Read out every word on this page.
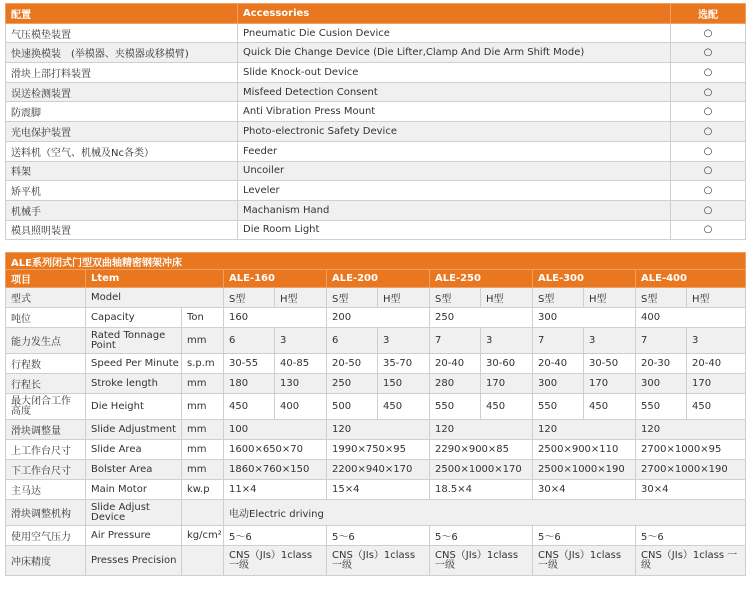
配置	Accessories	选配
气压模垫装置	Pneumatic Die Cusion Device	○
快速换模装　(举模器、夹模器或移模臂)	Quick Die Change Device (Die Lifter,Clamp And Die Arm Shift Mode)	○
滑块上部打料装置	Slide Knock-out Device	○
误送检测装置	Misfeed Detection Consent	○
防震脚	Anti Vibration Press Mount	○
光电保护装置	Photo-electronic Safety Device	○
送料机（空气、机械及Nc各类）	Feeder	○
料架	Uncoiler	○
矫平机	Leveler	○
机械手	Machanism Hand	○
模具照明装置	Die Room Light	○
ALE系列闭式门型双曲轴精密钢架冲床												
项目	Ltem		ALE-160		ALE-200		ALE-250		ALE-300		ALE-400	
型式	Model		S型	H型	S型	H型	S型	H型	S型	H型	S型	H型
吨位	Capacity	Ton	160		200		250		300		400	
能力发生点	Rated Tonnage Point	mm	6	3	6	3	7	3	7	3	7	3
行程数	Speed Per Minute	s.p.m	30-55	40-85	20-50	35-70	20-40	30-60	20-40	30-50	20-30	20-40
行程长	Stroke length	mm	180	130	250	150	280	170	300	170	300	170
最大闭合工作高度	Die Height	mm	450	400	500	450	550	450	550	450	550	450
滑块调整量	Slide Adjustment	mm	100		120		120		120		120	
上工作台尺寸	Slide Area	mm	1600×650×70		1990×750×95		2290×900×85		2500×900×110		2700×1000×95	
下工作台尺寸	Bolster Area	mm	1860×760×150		2200×940×170		2500×1000×170		2500×1000×190		2700×1000×190	
主马达	Main Motor	kw.p	11×4		15×4		18.5×4		30×4		30×4	
滑块调整机构	Slide Adjust Device		电动Electric driving									
使用空气压力	Air Pressure	kg/cm²	5～6		5～6		5～6		5～6		5～6	
冲床精度	Presses Precision		CNS（JIs）1class 一级		CNS（JIs）1class 一级		CNS（JIs）1class 一级		CNS（JIs）1class 一级		CNS（JIs）1class 一级	
